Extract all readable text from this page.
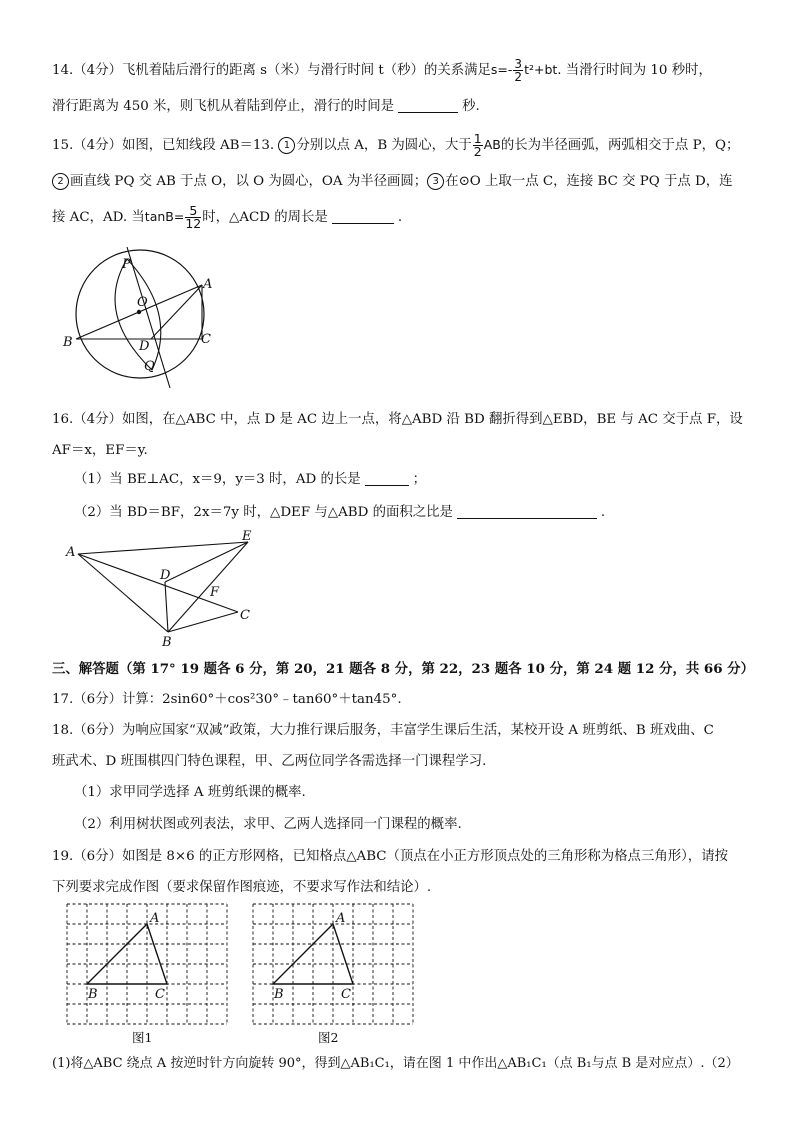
14.（4分）飞机着陆后滑行的距离 s（米）与滑行时间 t（秒）的关系满足$s=- \frac{3}{2} t^2+bt$. 当滑行时间为 10 秒时，
滑行距离为 450 米，则飞机从着陆到停止，滑行的时间是	秒.
15.（4分）如图，已知线段 AB＝13. 1 分别以点 A，B 为圆心，大于 $\frac{1}{2}$ AB的长为半径画弧，两弧相交于点 P，Q；
2 画直线 PQ 交 AB 于点 O，以 O 为圆心，OA 为半径画圆； 3 在⊙O 上取一点 C，连接 BC 交 PQ 于点 D，连
接 AC，AD. 当$\tan B= \frac{5}{12}$ 时，△ACD 的周长是	.
P
A
O
B	C
D
Q
16.（4分）如图，在△ABC 中，点 D 是 AC 边上一点，将△ABD 沿 BD 翻折得到△EBD，BE 与 AC 交于点 F，设
AF＝x，EF＝y.
（1）当 BE⊥AC，x＝9，y＝3 时，AD 的长是	；
（2）当 BD＝BF，2x＝7y 时，△DEF 与△ABD 的面积之比是	.
A
E
D
F
C
B
三、解答题（第 17° 19 题各 6 分，第 20，21 题各 8 分，第 22，23 题各 10 分，第 24 题 12 分，共 66 分）
17.（6分）计算：2sin60°＋cos²30°﹣tan60°＋tan45°.
18.（6分）为响应国家“双减”政策，大力推行课后服务，丰富学生课后生活，某校开设 A 班剪纸、B 班戏曲、C
班武术、D 班围棋四门特色课程，甲、乙两位同学各需选择一门课程学习.
（1）求甲同学选择 A 班剪纸课的概率.
（2）利用树状图或列表法，求甲、乙两人选择同一门课程的概率.
19.（6分）如图是 8×6 的正方形网格，已知格点△ABC（顶点在小正方形顶点处的三角形称为格点三角形），请按
下列要求完成作图（要求保留作图痕迹，不要求写作法和结论）.
A
B	C
图1
A
B	C
图2
(1)将△ABC 绕点 A 按逆时针方向旋转 90°，得到△AB₁C₁，请在图 1 中作出△AB₁C₁（点 B₁与点 B 是对应点）.（2）
